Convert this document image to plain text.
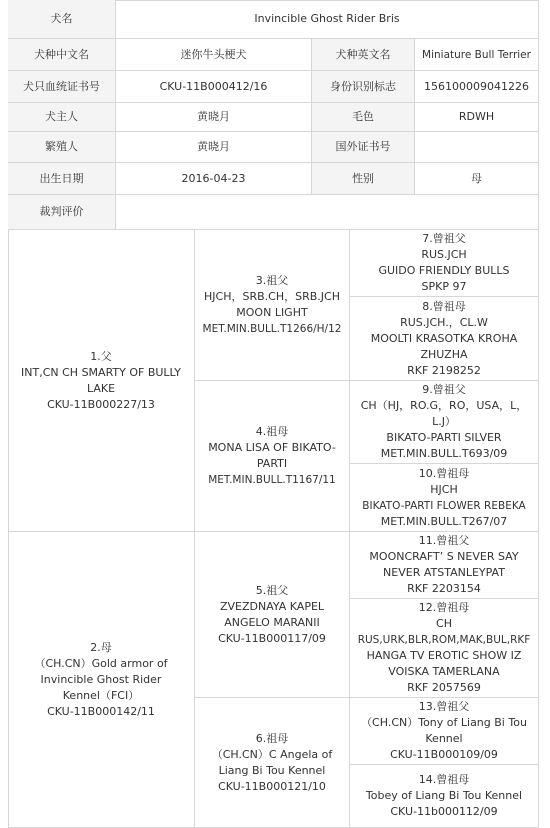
犬名	Invincible Ghost Rider Bris
犬种中文名	迷你牛头梗犬	犬种英文名	Miniature Bull Terrier
犬只血统证书号	CKU-11B000412/16	身份识别标志	156100009041226
犬主人	黄晓月	毛色	RDWH
繁殖人	黄晓月	国外证书号
出生日期	2016-04-23	性别	母
裁判评价
1.父
INT,CN CH SMARTY OF BULLY
LAKE
CKU-11B000227/13
2.母
（CH.CN）Gold armor of
Invincible Ghost Rider
Kennel（FCI）
CKU-11B000142/11
3.祖父
HJCH，SRB.CH，SRB.JCH
MOON LIGHT
MET.MIN.BULL.T1266/H/12
4.祖母
MONA LISA OF BIKATO-
PARTI
MET.MIN.BULL.T1167/11
5.祖父
ZVEZDNAYA KAPEL
ANGELO MARANII
CKU-11B000117/09
6.祖母
（CH.CN）C Angela of
Liang Bi Tou Kennel
CKU-11B000121/10
7.曾祖父
RUS.JCH
GUIDO FRIENDLY BULLS
SPKP 97
8.曾祖母
RUS.JCH.，CL.W
MOOLTI KRASOTKA KROHA
ZHUZHA
RKF 2198252
9.曾祖父
CH（HJ，RO.G，RO，USA，L，
L.J）
BIKATO-PARTI SILVER
MET.MIN.BULL.T693/09
10.曾祖母
HJCH
BIKATO-PARTI FLOWER REBEKA
MET.MIN.BULL.T267/07
11.曾祖父
MOONCRAFT’ S NEVER SAY
NEVER ATSTANLEYPAT
RKF 2203154
12.曾祖母
CH
RUS,URK,BLR,ROM,MAK,BUL,RKF
HANGA TV EROTIC SHOW IZ
VOISKA TAMERLANA
RKF 2057569
13.曾祖父
（CH.CN）Tony of Liang Bi Tou
Kennel
CKU-11B000109/09
14.曾祖母
Tobey of Liang Bi Tou Kennel
CKU-11b000112/09
